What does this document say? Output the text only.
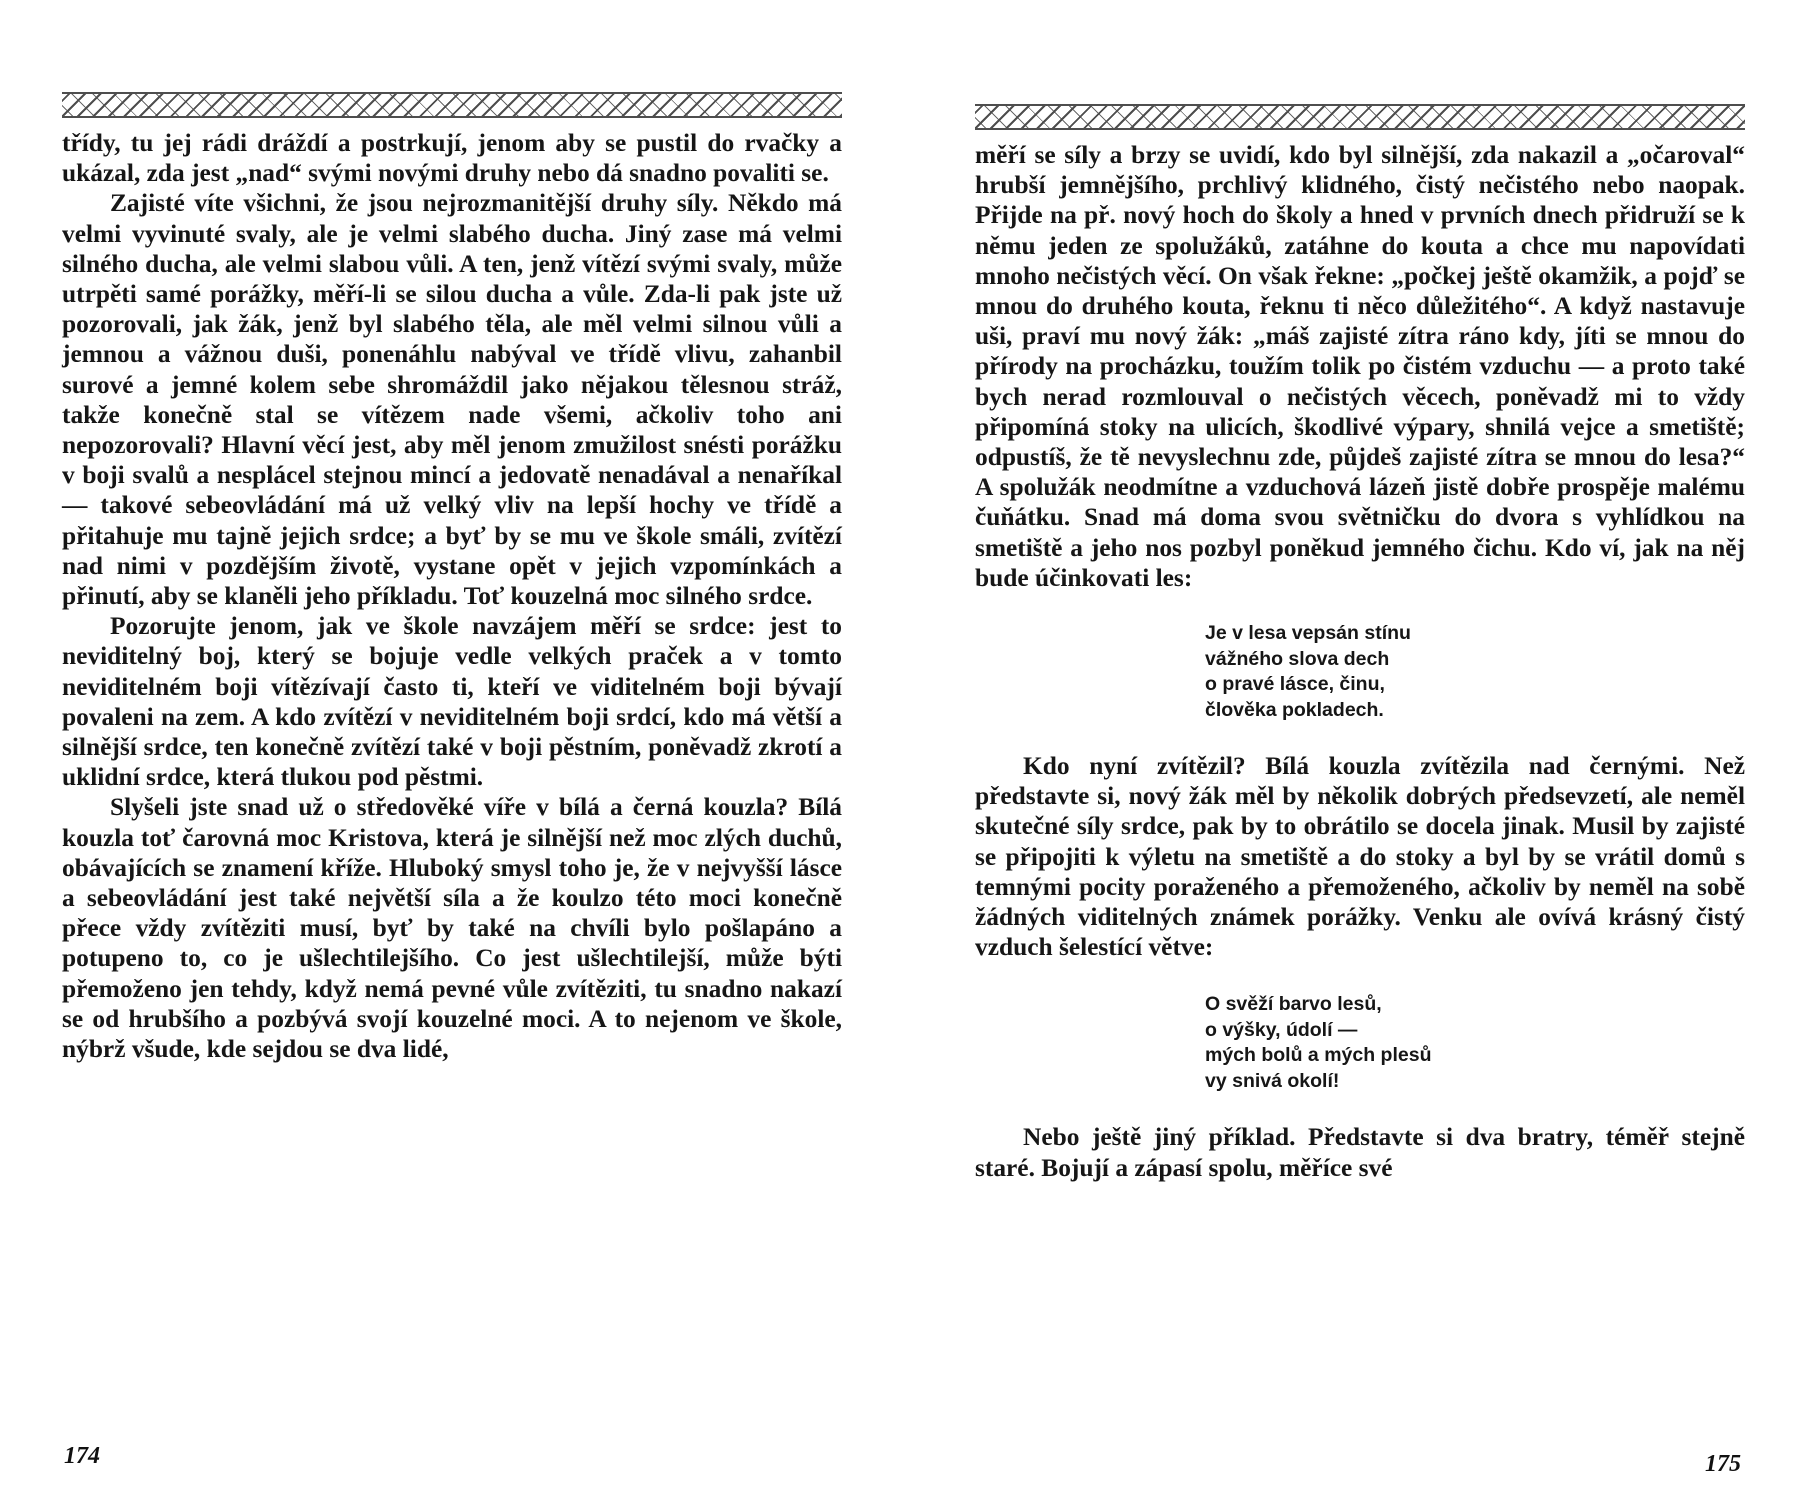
třídy, tu jej rádi dráždí a postrkují, jenom aby se pustil do rvačky a ukázal, zda jest „nad“ svými novými druhy nebo dá snadno povaliti se.

Zajisté víte všichni, že jsou nejrozmanitější druhy síly. Někdo má velmi vyvinuté svaly, ale je velmi slabého ducha. Jiný zase má velmi silného ducha, ale velmi slabou vůli. A ten, jenž vítězí svými svaly, může utrpěti samé porážky, měří-li se silou ducha a vůle. Zda-li pak jste už pozorovali, jak žák, jenž byl slabého těla, ale měl velmi silnou vůli a jemnou a vážnou duši, ponenáhlu nabýval ve třídě vlivu, zahanbil surové a jemné kolem sebe shromáždil jako nějakou tělesnou stráž, takže konečně stal se vítězem nade všemi, ačkoliv toho ani nepozorovali? Hlavní věcí jest, aby měl jenom zmužilost snésti porážku v boji svalů a nesplácel stejnou mincí a jedovatě nenadával a nenaříkal — takové sebeovládání má už velký vliv na lepší hochy ve třídě a přitahuje mu tajně jejich srdce; a byť by se mu ve škole smáli, zvítězí nad nimi v pozdějším životě, vystane opět v jejich vzpomínkách a přinutí, aby se klaněli jeho příkladu. Toť kouzelná moc silného srdce.

Pozorujte jenom, jak ve škole navzájem měří se srdce: jest to neviditelný boj, který se bojuje vedle velkých praček a v tomto neviditelném boji vítězívají často ti, kteří ve viditelném boji bývají povaleni na zem. A kdo zvítězí v neviditelném boji srdcí, kdo má větší a silnější srdce, ten konečně zvítězí také v boji pěstním, poněvadž zkrotí a uklidní srdce, která tlukou pod pěstmi.

Slyšeli jste snad už o středověké víře v bílá a černá kouzla? Bílá kouzla toť čarovná moc Kristova, která je silnější než moc zlých duchů, obávajících se znamení kříže. Hluboký smysl toho je, že v nejvyšší lásce a sebeovládání jest také největší síla a že koulzo této moci konečně přece vždy zvítěziti musí, byť by také na chvíli bylo pošlapáno a potupeno to, co je ušlechtilejšího. Co jest ušlechtilejší, může býti přemoženo jen tehdy, když nemá pevné vůle zvítěziti, tu snadno nakazí se od hrubšího a pozbývá svojí kouzelné moci. A to nejenom ve škole, nýbrž všude, kde sejdou se dva lidé,

174

měří se síly a brzy se uvidí, kdo byl silnější, zda nakazil a „očaroval“ hrubší jemnějšího, prchlivý klidného, čistý nečistého nebo naopak. Přijde na př. nový hoch do školy a hned v prvních dnech přidruží se k němu jeden ze spolužáků, zatáhne do kouta a chce mu napovídati mnoho nečistých věcí. On však řekne: „počkej ještě okamžik, a pojď se mnou do druhého kouta, řeknu ti něco důležitého“. A když nastavuje uši, praví mu nový žák: „máš zajisté zítra ráno kdy, jíti se mnou do přírody na procházku, toužím tolik po čistém vzduchu — a proto také bych nerad rozmlouval o nečistých věcech, poněvadž mi to vždy připomíná stoky na ulicích, škodlivé výpary, shnilá vejce a smetiště; odpustíš, že tě nevyslechnu zde, půjdeš zajisté zítra se mnou do lesa?“ A spolužák neodmítne a vzduchová lázeň jistě dobře prospěje malému čuňátku. Snad má doma svou světničku do dvora s vyhlídkou na smetiště a jeho nos pozbyl poněkud jemného čichu. Kdo ví, jak na něj bude účinkovati les:

Je v lesa vepsán stínu
vážného slova dech
o pravé lásce, činu,
člověka pokladech.

Kdo nyní zvítězil? Bílá kouzla zvítězila nad černými. Než představte si, nový žák měl by několik dobrých předsevzetí, ale neměl skutečné síly srdce, pak by to obrátilo se docela jinak. Musil by zajisté se připojiti k výletu na smetiště a do stoky a byl by se vrátil domů s temnými pocity poraženého a přemoženého, ačkoliv by neměl na sobě žádných viditelných známek porážky. Venku ale ovívá krásný čistý vzduch šelestící větve:

O svěží barvo lesů,
o výšky, údolí —
mých bolů a mých plesů
vy snivá okolí!

Nebo ještě jiný příklad. Představte si dva bratry, téměř stejně staré. Bojují a zápasí spolu, měříce své

175
